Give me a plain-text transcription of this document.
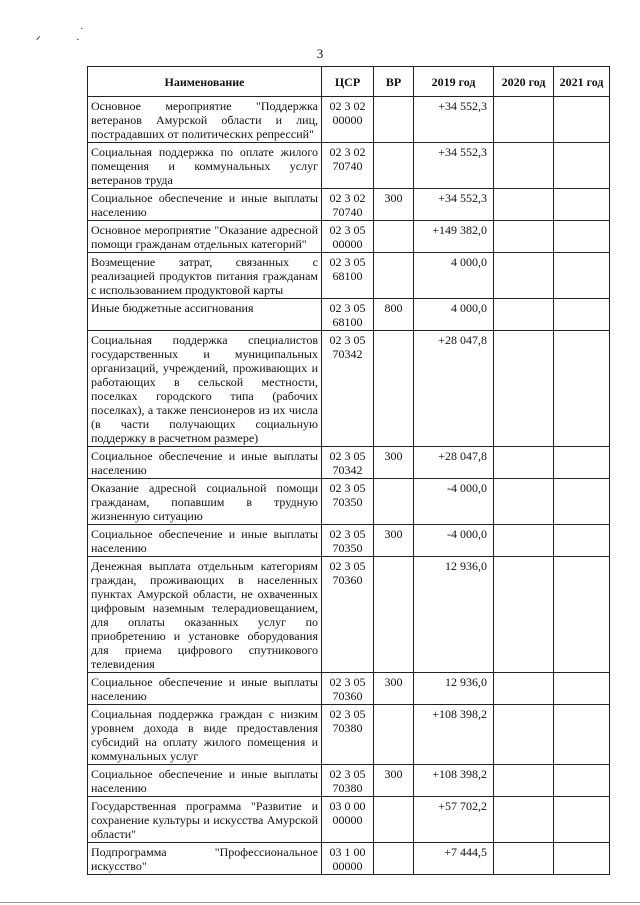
ᐟ	·
˙
3
Наименование	ЦСР	ВР	2019 год	2020 год	2021 год
Основное мероприятие "Поддержка ветеранов Амурской области и лиц, пострадавших от политических репрессий"	02 3 02 00000		+34 552,3		
Социальная поддержка по оплате жилого помещения и коммунальных услуг ветеранов труда	02 3 02 70740		+34 552,3		
Социальное обеспечение и иные выплаты населению	02 3 02 70740	300	+34 552,3		
Основное мероприятие "Оказание адресной помощи гражданам отдельных категорий"	02 3 05 00000		+149 382,0		
Возмещение затрат, связанных с реализацией продуктов питания гражданам с использованием продуктовой карты	02 3 05 68100		4 000,0		
Иные бюджетные ассигнования	02 3 05 68100	800	4 000,0		
Социальная поддержка специалистов государственных и муниципальных организаций, учреждений, проживающих и работающих в сельской местности, поселках городского типа (рабочих поселках), а также пенсионеров из их числа (в части получающих социальную поддержку в расчетном размере)	02 3 05 70342		+28 047,8		
Социальное обеспечение и иные выплаты населению	02 3 05 70342	300	+28 047,8		
Оказание адресной социальной помощи гражданам, попавшим в трудную жизненную ситуацию	02 3 05 70350		-4 000,0		
Социальное обеспечение и иные выплаты населению	02 3 05 70350	300	-4 000,0		
Денежная выплата отдельным категориям граждан, проживающих в населенных пунктах Амурской области, не охваченных цифровым наземным телерадиовещанием, для оплаты оказанных услуг по приобретению и установке оборудования для приема цифрового спутникового телевидения	02 3 05 70360		12 936,0		
Социальное обеспечение и иные выплаты населению	02 3 05 70360	300	12 936,0		
Социальная поддержка граждан с низким уровнем дохода в виде предоставления субсидий на оплату жилого помещения и коммунальных услуг	02 3 05 70380		+108 398,2		
Социальное обеспечение и иные выплаты населению	02 3 05 70380	300	+108 398,2		
Государственная программа "Развитие и сохранение культуры и искусства Амурской области"	03 0 00 00000		+57 702,2		
Подпрограмма "Профессиональное искусство"	03 1 00 00000		+7 444,5		
